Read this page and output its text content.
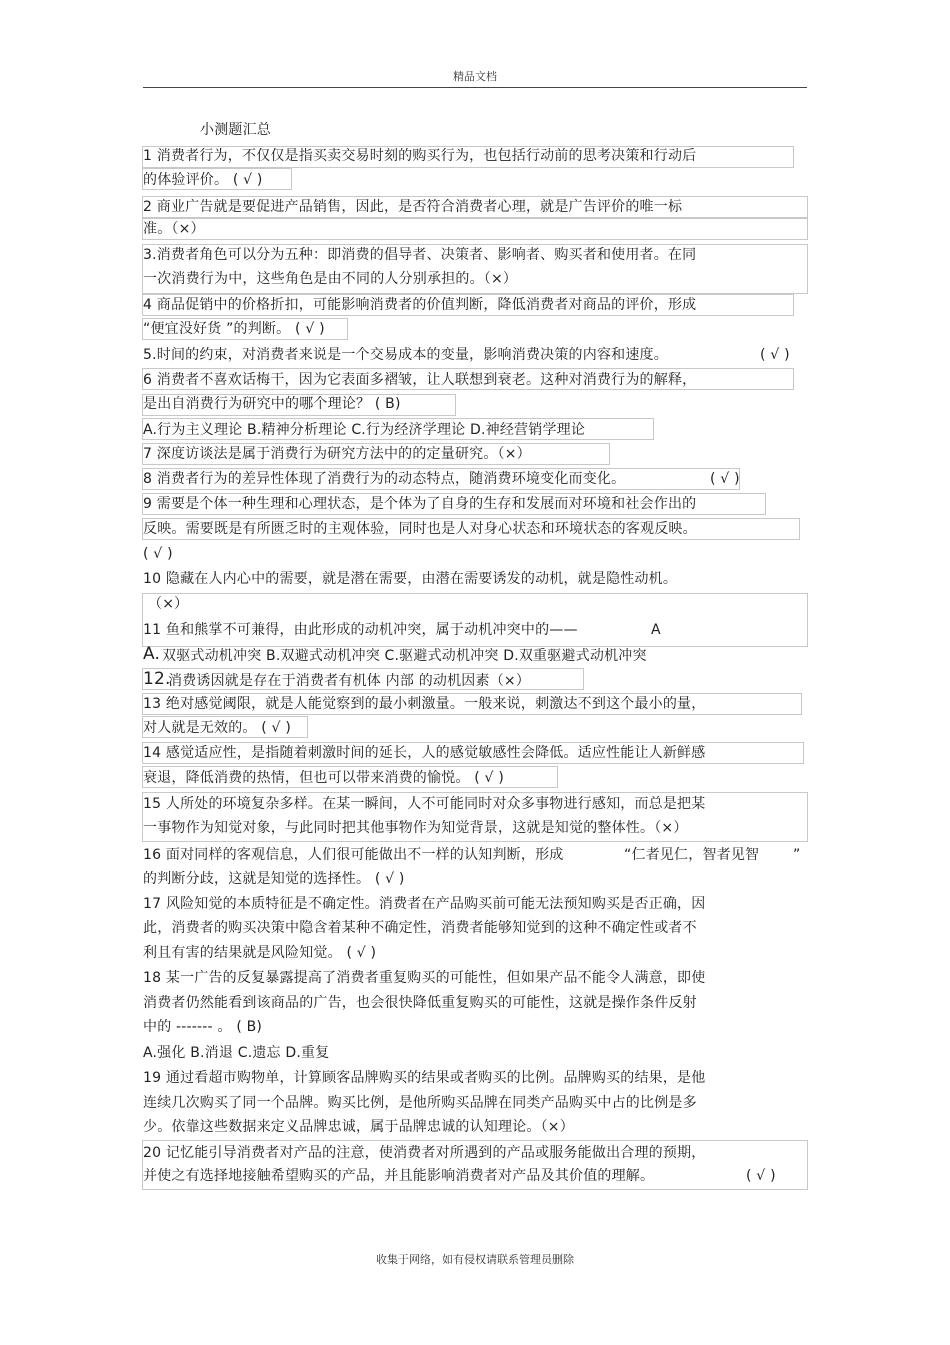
精品文档
小测题汇总
1 消费者行为，不仅仅是指买卖交易时刻的购买行为，也包括行动前的思考决策和行动后
的体验评价。 ( √ )
2 商业广告就是要促进产品销售，因此，是否符合消费者心理，就是广告评价的唯一标
准。（×）
3.消费者角色可以分为五种：即消费的倡导者、决策者、影响者、购买者和使用者。在同
一次消费行为中，这些角色是由不同的人分别承担的。（×）
4 商品促销中的价格折扣，可能影响消费者的价值判断，降低消费者对商品的评价，形成
“便宜没好货 ”的判断。 ( √ )
5.时间的约束，对消费者来说是一个交易成本的变量，影响消费决策的内容和速度。	( √ )
6 消费者不喜欢话梅干，因为它表面多褶皱，让人联想到衰老。这种对消费行为的解释，
是出自消费行为研究中的哪个理论？ ( B)
A.行为主义理论 B.精神分析理论 C.行为经济学理论 D.神经营销学理论
7 深度访谈法是属于消费行为研究方法中的的定量研究。（×）
8 消费者行为的差异性体现了消费行为的动态特点，随消费环境变化而变化。	( √ )
9 需要是个体一种生理和心理状态，是个体为了自身的生存和发展而对环境和社会作出的
反映。需要既是有所匮乏时的主观体验，同时也是人对身心状态和环境状态的客观反映。
( √ )
10 隐藏在人内心中的需要，就是潜在需要，由潜在需要诱发的动机，就是隐性动机。
（×）
11 鱼和熊掌不可兼得，由此形成的动机冲突，属于动机冲突中的——	A
A. 双驱式动机冲突 B.双避式动机冲突 C.驱避式动机冲突 D.双重驱避式动机冲突
12.
消费诱因就是存在于消费者有机体 内部 的动机因素（×）
13 绝对感觉阈限，就是人能觉察到的最小刺激量。一般来说，刺激达不到这个最小的量，
对人就是无效的。 ( √ )
14 感觉适应性，是指随着刺激时间的延长，人的感觉敏感性会降低。适应性能让人新鲜感
衰退，降低消费的热情，但也可以带来消费的愉悦。 ( √ )
15 人所处的环境复杂多样。在某一瞬间，人不可能同时对众多事物进行感知，而总是把某
一事物作为知觉对象，与此同时把其他事物作为知觉背景，这就是知觉的整体性。（×）
16 面对同样的客观信息，人们很可能做出不一样的认知判断，形成	“仁者见仁，智者见智 ”
的判断分歧，这就是知觉的选择性。 ( √ )
17 风险知觉的本质特征是不确定性。消费者在产品购买前可能无法预知购买是否正确，因
此，消费者的购买决策中隐含着某种不确定性，消费者能够知觉到的这种不确定性或者不
利且有害的结果就是风险知觉。 ( √ )
18 某一广告的反复暴露提高了消费者重复购买的可能性，但如果产品不能令人满意，即使
消费者仍然能看到该商品的广告，也会很快降低重复购买的可能性，这就是操作条件反射
中的 ------- 。 ( B)
A.强化 B.消退 C.遗忘 D.重复
19 通过看超市购物单，计算顾客品牌购买的结果或者购买的比例。品牌购买的结果，是他
连续几次购买了同一个品牌。购买比例，是他所购买品牌在同类产品购买中占的比例是多
少。依靠这些数据来定义品牌忠诚，属于品牌忠诚的认知理论。（×）
20 记忆能引导消费者对产品的注意，使消费者对所遇到的产品或服务能做出合理的预期，
并使之有选择地接触希望购买的产品，并且能影响消费者对产品及其价值的理解。	( √ )
收集于网络，如有侵权请联系管理员删除
